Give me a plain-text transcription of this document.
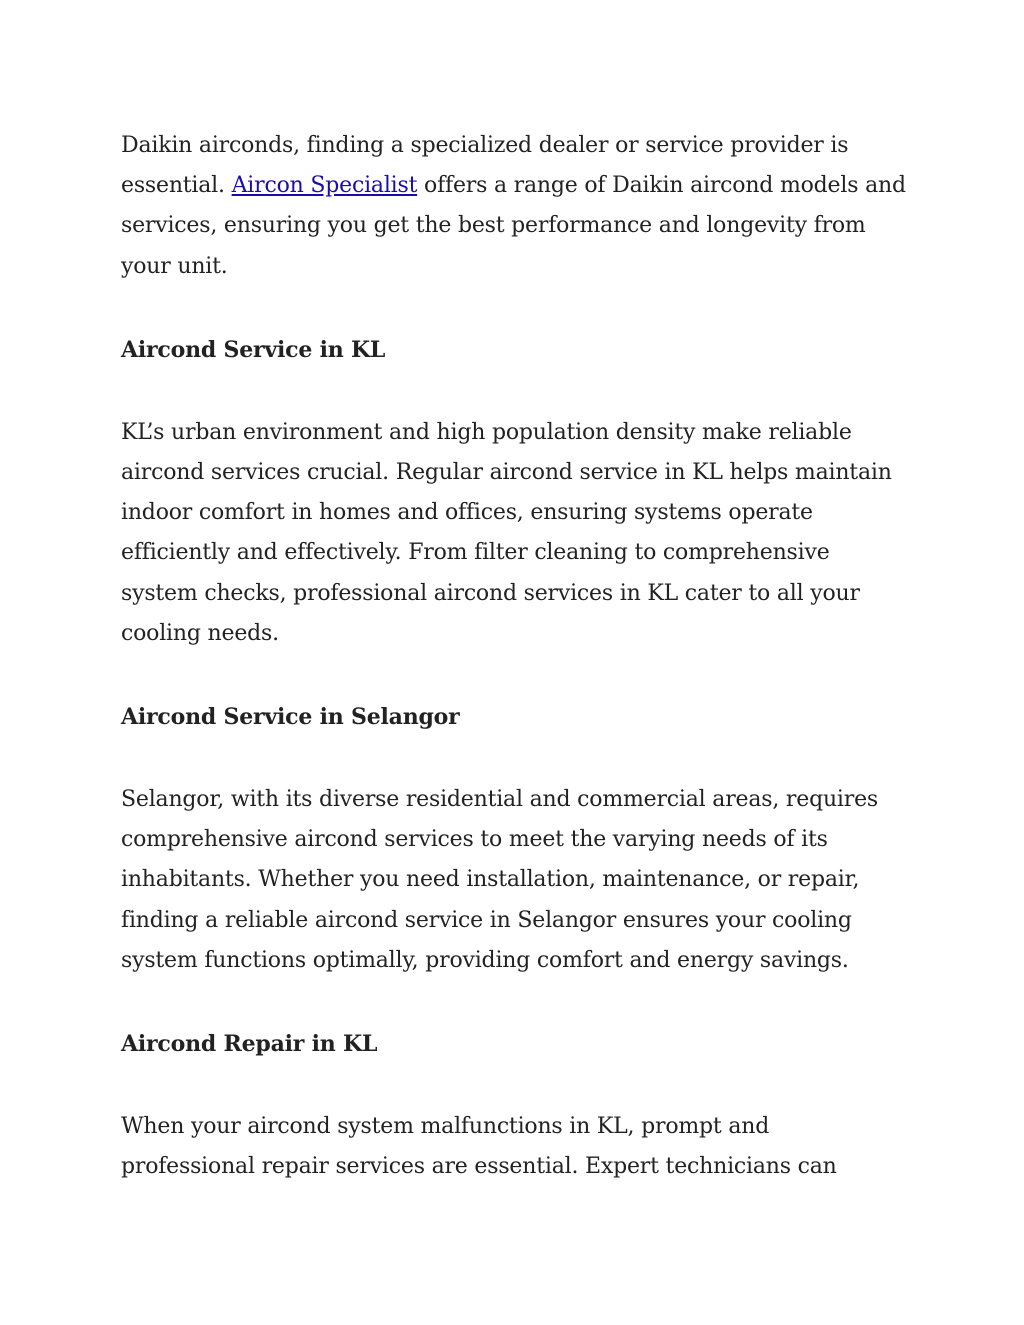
Daikin airconds, finding a specialized dealer or service provider is
essential. Aircon Specialist offers a range of Daikin aircond models and
services, ensuring you get the best performance and longevity from
your unit.
Aircond Service in KL
KL’s urban environment and high population density make reliable
aircond services crucial. Regular aircond service in KL helps maintain
indoor comfort in homes and offices, ensuring systems operate
efficiently and effectively. From filter cleaning to comprehensive
system checks, professional aircond services in KL cater to all your
cooling needs.
Aircond Service in Selangor
Selangor, with its diverse residential and commercial areas, requires
comprehensive aircond services to meet the varying needs of its
inhabitants. Whether you need installation, maintenance, or repair,
finding a reliable aircond service in Selangor ensures your cooling
system functions optimally, providing comfort and energy savings.
Aircond Repair in KL
When your aircond system malfunctions in KL, prompt and
professional repair services are essential. Expert technicians can
